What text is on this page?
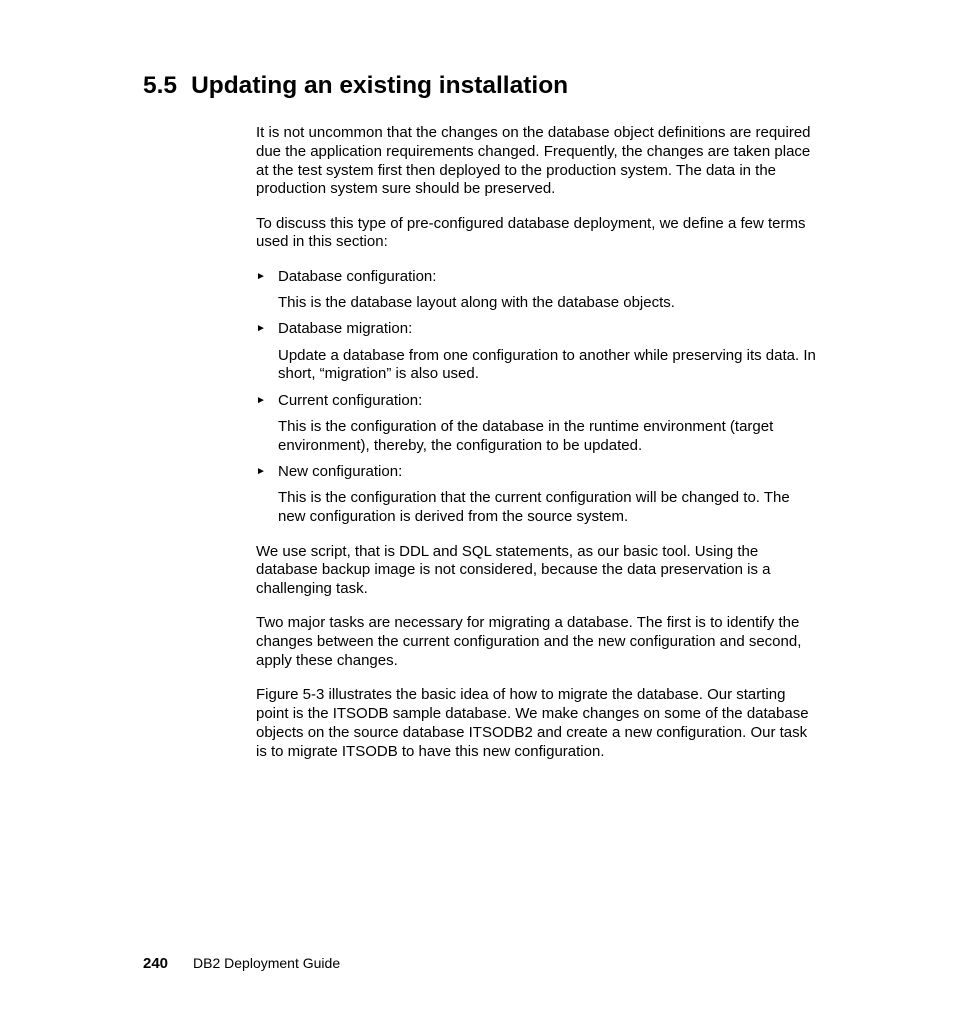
5.5 Updating an existing installation

It is not uncommon that the changes on the database object definitions are required due the application requirements changed. Frequently, the changes are taken place at the test system first then deployed to the production system. The data in the production system sure should be preserved.

To discuss this type of pre-configured database deployment, we define a few terms used in this section:

► Database configuration:
This is the database layout along with the database objects.
► Database migration:
Update a database from one configuration to another while preserving its data. In short, “migration” is also used.
► Current configuration:
This is the configuration of the database in the runtime environment (target environment), thereby, the configuration to be updated.
► New configuration:
This is the configuration that the current configuration will be changed to. The new configuration is derived from the source system.

We use script, that is DDL and SQL statements, as our basic tool. Using the database backup image is not considered, because the data preservation is a challenging task.

Two major tasks are necessary for migrating a database. The first is to identify the changes between the current configuration and the new configuration and second, apply these changes.

Figure 5-3 illustrates the basic idea of how to migrate the database. Our starting point is the ITSODB sample database. We make changes on some of the database objects on the source database ITSODB2 and create a new configuration. Our task is to migrate ITSODB to have this new configuration.

240 DB2 Deployment Guide
